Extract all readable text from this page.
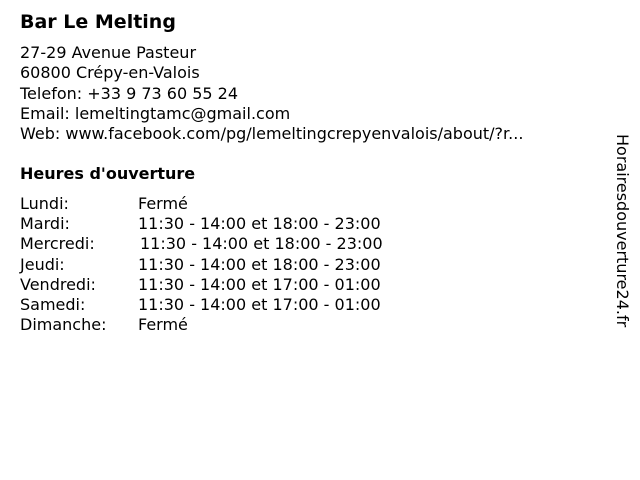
Bar Le Melting
27-29 Avenue Pasteur
60800 Crépy-en-Valois
Telefon: +33 9 73 60 55 24
Email: lemeltingtamc@gmail.com
Web: www.facebook.com/pg/lemeltingcrepyenvalois/about/?r...
Heures d'ouverture
Lundi:	Fermé
Mardi:	11:30 - 14:00 et 18:00 - 23:00
Mercredi:	11:30 - 14:00 et 18:00 - 23:00
Jeudi:	11:30 - 14:00 et 18:00 - 23:00
Vendredi:	11:30 - 14:00 et 17:00 - 01:00
Samedi:	11:30 - 14:00 et 17:00 - 01:00
Dimanche: Fermé	Horairesdouverture24.fr
